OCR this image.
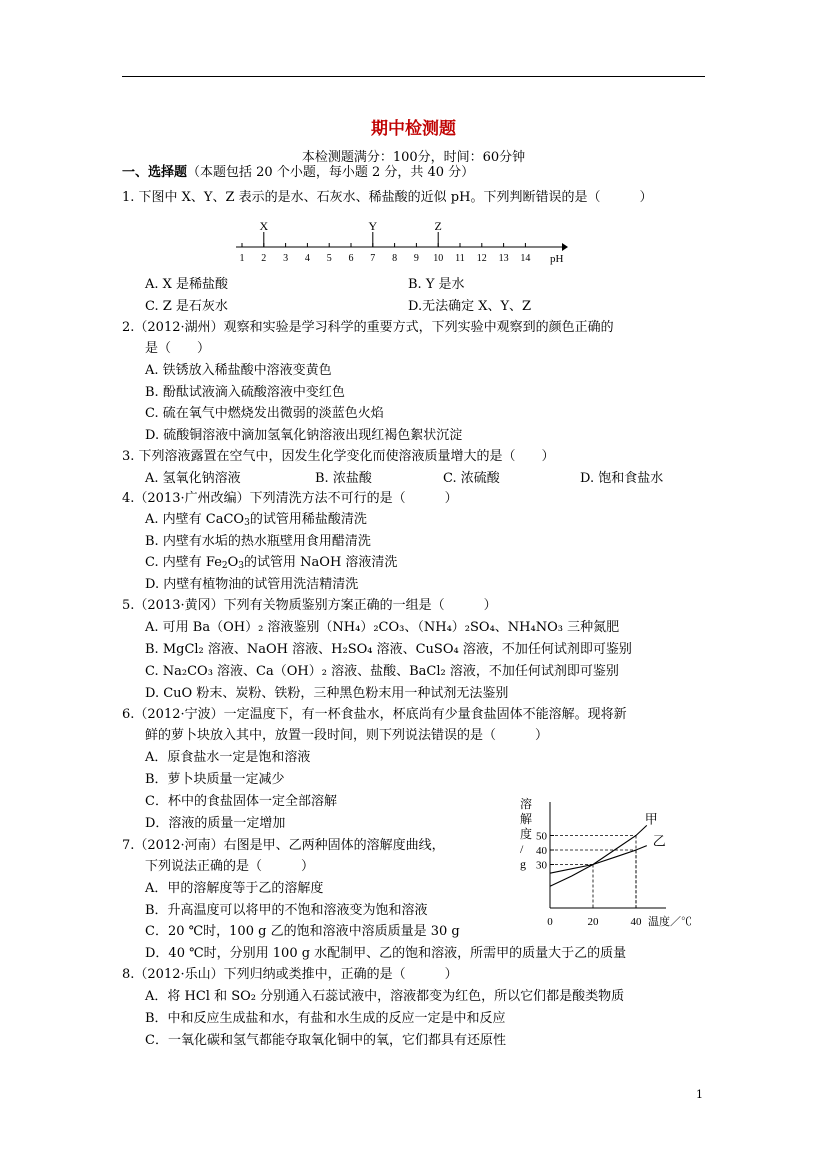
期中检测题
本检测题满分：100分，时间：60分钟
一、选择题（本题包括 20 个小题，每小题 2 分，共 40 分）
1. 下图中 X、Y、Z 表示的是水、石灰水、稀盐酸的近似 pH。下列判断错误的是（　　　）
1 2 3 4 5 6 7 8 9 10 11 12 13 14 pH
X	Y	Z
A. X 是稀盐酸	B. Y 是水
C. Z 是石灰水	D.无法确定 X、Y、Z
2.（2012·湖州）观察和实验是学习科学的重要方式，下列实验中观察到的颜色正确的
是（　　）
A. 铁锈放入稀盐酸中溶液变黄色
B. 酚酞试液滴入硫酸溶液中变红色
C. 硫在氧气中燃烧发出微弱的淡蓝色火焰
D. 硫酸铜溶液中滴加氢氧化钠溶液出现红褐色絮状沉淀
3. 下列溶液露置在空气中，因发生化学变化而使溶液质量增大的是（　　）
A. 氢氧化钠溶液	B. 浓盐酸	C. 浓硫酸	D. 饱和食盐水
4.（2013·广州改编）下列清洗方法不可行的是（　　　）
A. 内壁有 CaCO$_3$的试管用稀盐酸清洗
B. 内壁有水垢的热水瓶壁用食用醋清洗
C. 内壁有 $Fe_2O_3$的试管用 NaOH 溶液清洗
D. 内壁有植物油的试管用洗洁精清洗
5.（2013·黄冈）下列有关物质鉴别方案正确的一组是（　　　）
A. 可用 Ba（OH）₂ 溶液鉴别（NH₄）₂CO₃、（NH₄）₂SO₄、NH₄NO₃ 三种氮肥
B. MgCl₂ 溶液、NaOH 溶液、H₂SO₄ 溶液、CuSO₄ 溶液，不加任何试剂即可鉴别
C. Na₂CO₃ 溶液、Ca（OH）₂ 溶液、盐酸、BaCl₂ 溶液，不加任何试剂即可鉴别
D. CuO 粉末、炭粉、铁粉，三种黑色粉末用一种试剂无法鉴别
6.（2012·宁波）一定温度下，有一杯食盐水，杯底尚有少量食盐固体不能溶解。现将新
鲜的萝卜块放入其中，放置一段时间，则下列说法错误的是（　　　）
A．原食盐水一定是饱和溶液
B．萝卜块质量一定减少
C．杯中的食盐固体一定全部溶解
D．溶液的质量一定增加
溶
解
度
/
g 30
40
50
0	20	40 温度／℃
甲
乙
7.（2012·河南）右图是甲、乙两种固体的溶解度曲线，
下列说法正确的是（　　　）
A．甲的溶解度等于乙的溶解度
B．升高温度可以将甲的不饱和溶液变为饱和溶液
C．20 ℃时，100 g 乙的饱和溶液中溶质质量是 30 g
D．40 ℃时，分别用 100 g 水配制甲、乙的饱和溶液，所需甲的质量大于乙的质量
8.（2012·乐山）下列归纳或类推中，正确的是（　　　）
A．将 HCl 和 SO₂ 分别通入石蕊试液中，溶液都变为红色，所以它们都是酸类物质
B．中和反应生成盐和水，有盐和水生成的反应一定是中和反应
C．一氧化碳和氢气都能夺取氧化铜中的氧，它们都具有还原性
1
